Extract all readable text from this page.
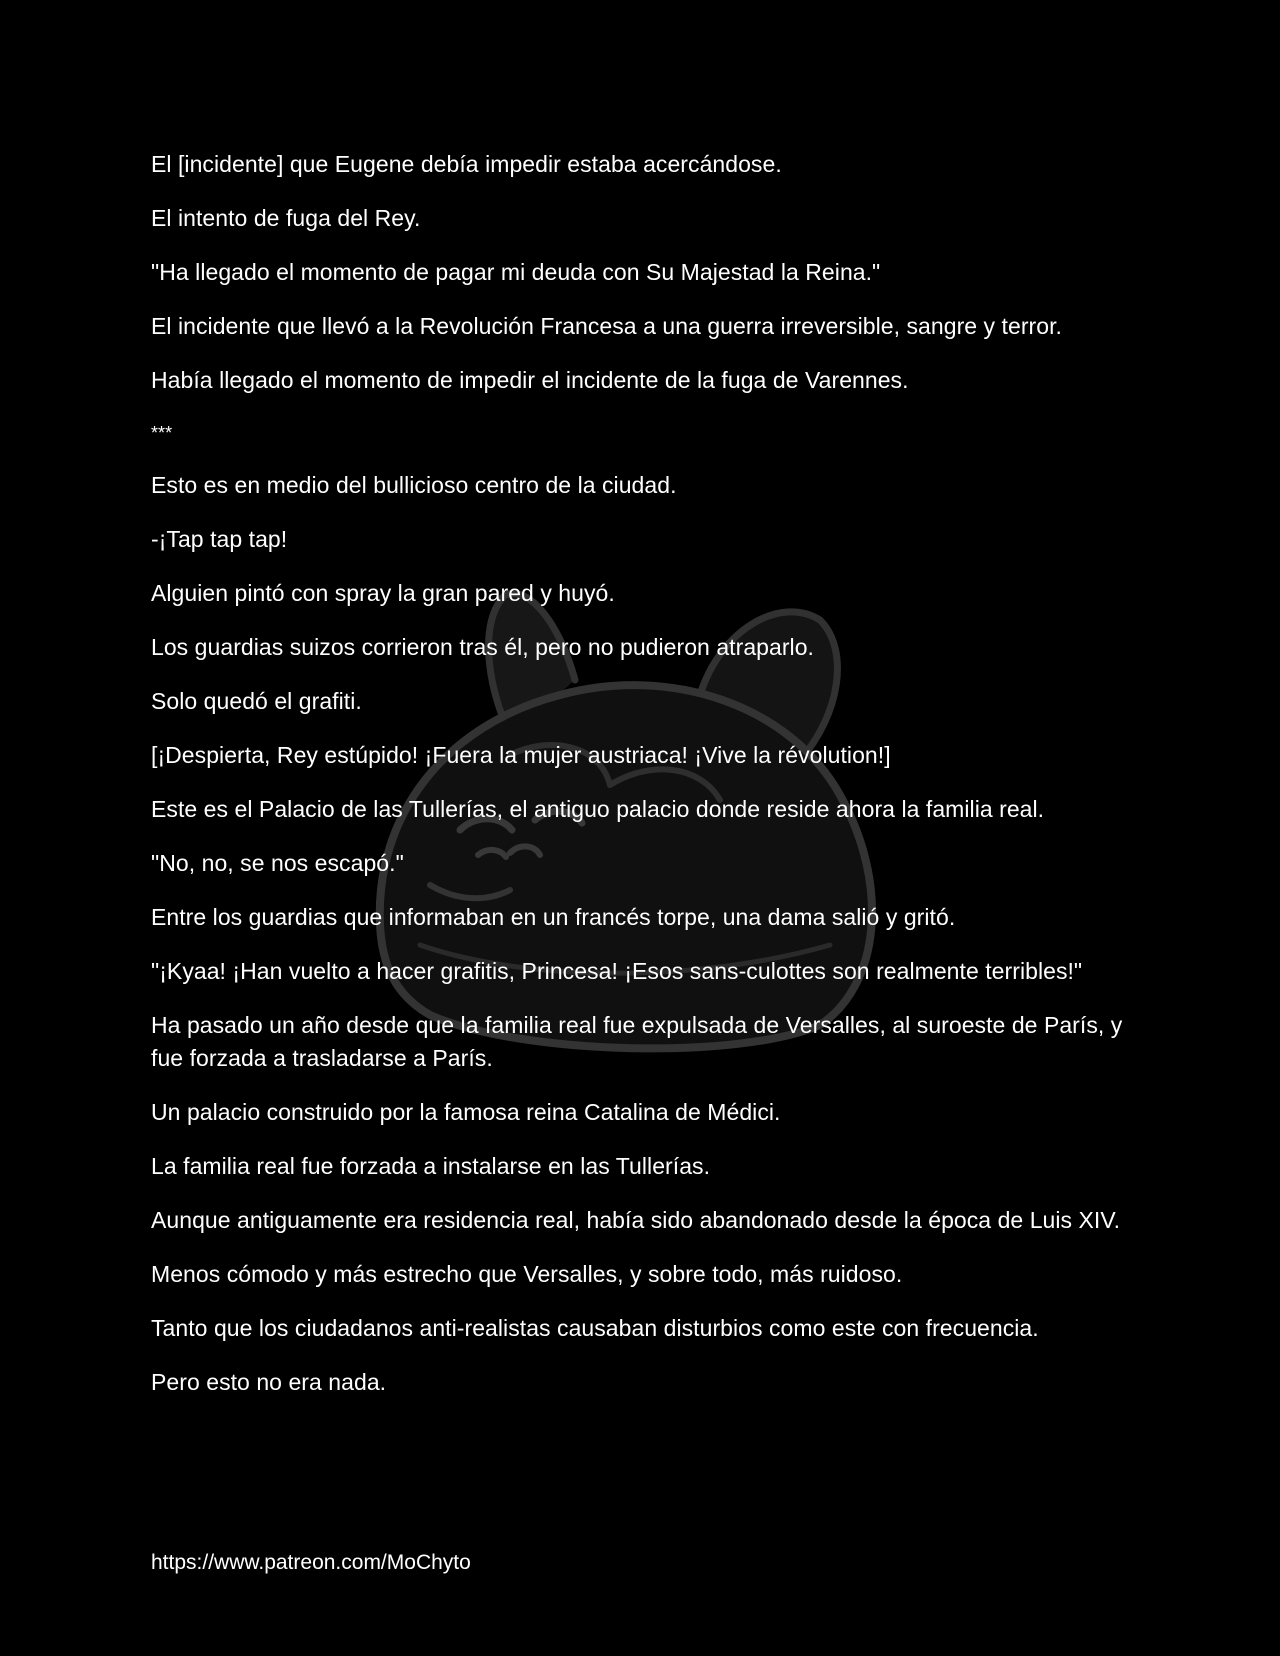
El [incidente] que Eugene debía impedir estaba acercándose.

El intento de fuga del Rey.

"Ha llegado el momento de pagar mi deuda con Su Majestad la Reina."

El incidente que llevó a la Revolución Francesa a una guerra irreversible, sangre y terror.

Había llegado el momento de impedir el incidente de la fuga de Varennes.

***

Esto es en medio del bullicioso centro de la ciudad.

-¡Tap tap tap!

Alguien pintó con spray la gran pared y huyó.

Los guardias suizos corrieron tras él, pero no pudieron atraparlo.

Solo quedó el grafiti.

[¡Despierta, Rey estúpido! ¡Fuera la mujer austriaca! ¡Vive la révolution!]

Este es el Palacio de las Tullerías, el antiguo palacio donde reside ahora la familia real.

"No, no, se nos escapó."

Entre los guardias que informaban en un francés torpe, una dama salió y gritó.

"¡Kyaa! ¡Han vuelto a hacer grafitis, Princesa! ¡Esos sans-culottes son realmente terribles!"

Ha pasado un año desde que la familia real fue expulsada de Versalles, al suroeste de París, y fue forzada a trasladarse a París.

Un palacio construido por la famosa reina Catalina de Médici.

La familia real fue forzada a instalarse en las Tullerías.

Aunque antiguamente era residencia real, había sido abandonado desde la época de Luis XIV.

Menos cómodo y más estrecho que Versalles, y sobre todo, más ruidoso.

Tanto que los ciudadanos anti-realistas causaban disturbios como este con frecuencia.

Pero esto no era nada.

https://www.patreon.com/MoChyto
